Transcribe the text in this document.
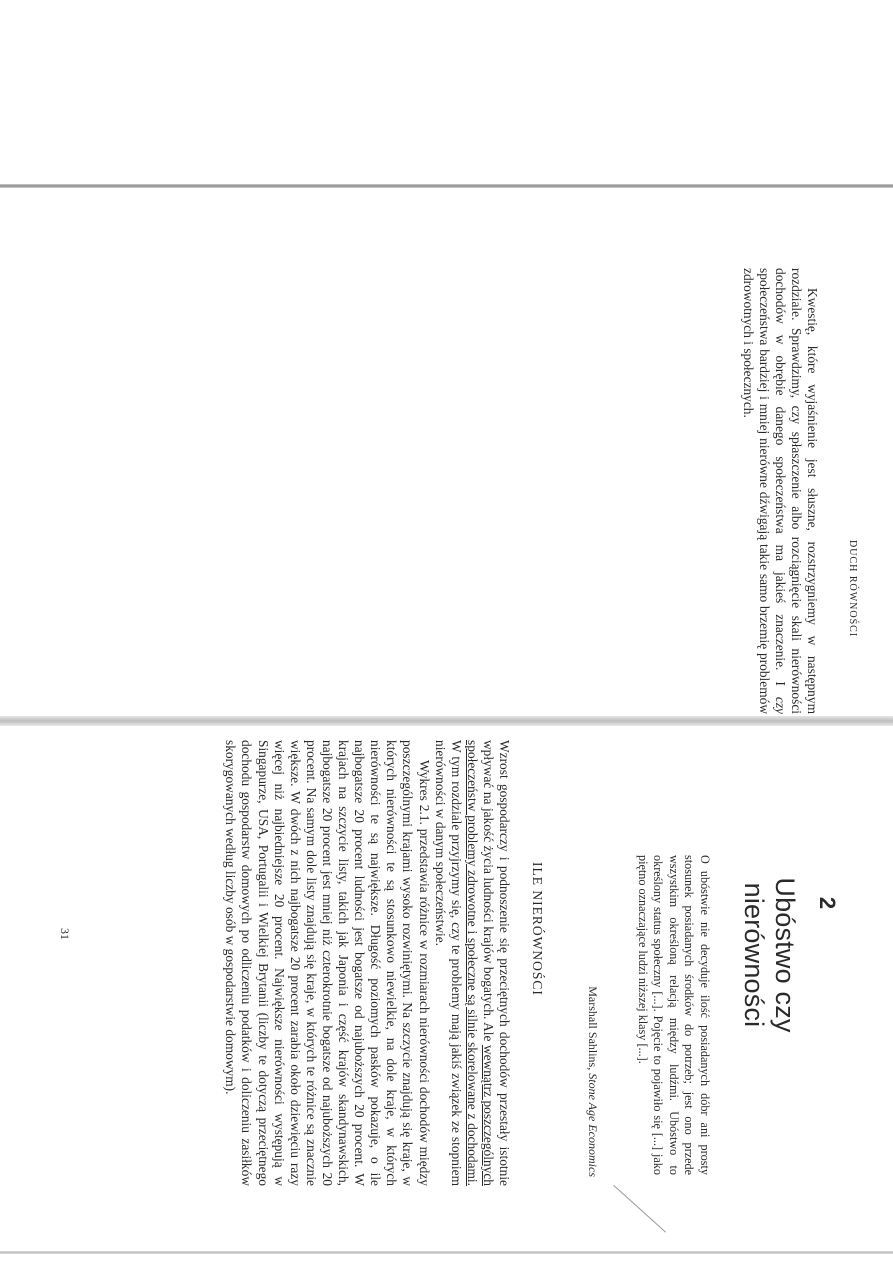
DUCH RÓWNOŚCI

Kwestię, które wyjaśnienie jest słuszne, rozstrzygniemy w następnym rozdziale. Sprawdzimy, czy spłaszczenie albo rozciągnięcie skali nierówności dochodów w obrębie danego społeczeństwa ma jakieś znaczenie. I czy społeczeństwa bardziej i mniej nierówne dźwigają takie samo brzemię problemów zdrowotnych i społecznych.

2
Ubóstwo czy nierówności
O ubóstwie nie decyduje ilość posiadanych dóbr ani prosty stosunek posiadanych środków do potrzeb; jest ono przede wszystkim określoną relacją między ludźmi. Ubóstwo to określony status społeczny [...]. Pojęcie to pojawiło się [...] jako piętno oznaczające ludzi niższej klasy [...].
Marshall Sahlins, Stone Age Economics
ILE NIERÓWNOŚCI

Wzrost gospodarczy i podnoszenie się przeciętnych dochodów przestały istotnie wpływać na jakość życia ludności krajów bogatych. Ale wewnątrz poszczególnych społeczeństw problemy zdrowotne i społeczne są silnie skorelowane z dochodami. W tym rozdziale przyjrzymy się, czy te problemy mają jakiś związek ze stopniem nierówności w danym społeczeństwie.

Wykres 2.1. przedstawia różnice w rozmiarach nierówności dochodów między poszczególnymi krajami wysoko rozwiniętymi. Na szczycie znajdują się kraje, w których nierówności te są stosunkowo niewielkie, na dole kraje, w których nierówności te są największe. Długość poziomych pasków pokazuje, o ile najbogatsze 20 procent ludności jest bogatsze od najuboższych 20 procent. W krajach na szczycie listy, takich jak Japonia i część krajów skandynawskich, najbogatsze 20 procent jest mniej niż czterokrotnie bogatsze od najuboższych 20 procent. Na samym dole listy znajdują się kraje, w których te różnice są znacznie większe. W dwóch z nich najbogatsze 20 procent zarabia około dziewięciu razy więcej niż najbiedniejsze 20 procent. Największe nierówności występują w Singapurze, USA, Portugalii i Wielkiej Brytanii (liczby te dotyczą przeciętnego dochodu gospodarstw domowych po odliczeniu podatków i doliczeniu zasiłków skorygowanych według liczby osób w gospodarstwie domowym).

31
